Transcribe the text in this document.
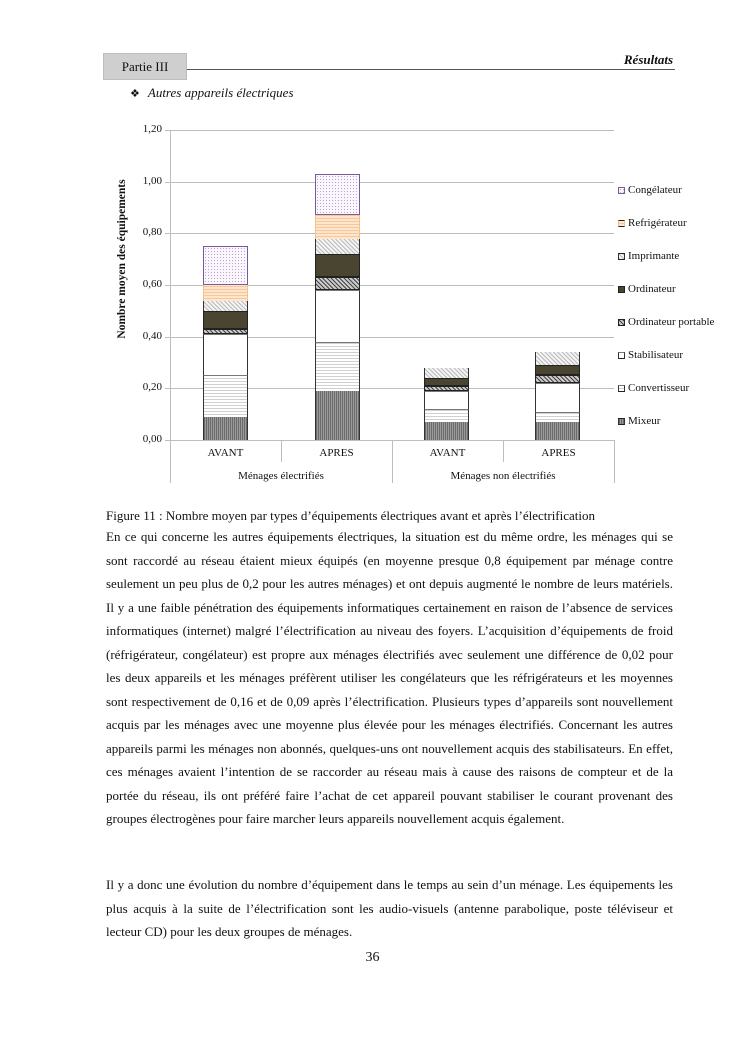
Partie III	Résultats
❖ Autres appareils électriques
Nombre moyen des équipements
0,00
0,20
0,40
0,60
0,80
1,00
1,20
AVANT	APRES	AVANT	APRES
Ménages électrifiés	Ménages non électrifiés
Congélateur
Refrigérateur
Imprimante
Ordinateur
Ordinateur portable
Stabilisateur
Convertisseur
Mixeur
Figure 11 : Nombre moyen par types d’équipements électriques avant et après l’électrification

En ce qui concerne les autres équipements électriques, la situation est du même ordre, les ménages qui se sont raccordé au réseau étaient mieux équipés (en moyenne presque 0,8 équipement par ménage contre seulement un peu plus de 0,2 pour les autres ménages) et ont depuis augmenté le nombre de leurs matériels. Il y a une faible pénétration des équipements informatiques certainement en raison de l’absence de services informatiques (internet) malgré l’électrification au niveau des foyers. L’acquisition d’équipements de froid (réfrigérateur, congélateur) est propre aux ménages électrifiés avec seulement une différence de 0,02 pour les deux appareils et les ménages préfèrent utiliser les congélateurs que les réfrigérateurs et les moyennes sont respectivement de 0,16 et de 0,09 après l’électrification. Plusieurs types d’appareils sont nouvellement acquis par les ménages avec une moyenne plus élevée pour les ménages électrifiés. Concernant les autres appareils parmi les ménages non abonnés, quelques-uns ont nouvellement acquis des stabilisateurs. En effet, ces ménages avaient l’intention de se raccorder au réseau mais à cause des raisons de compteur et de la portée du réseau, ils ont préféré faire l’achat de cet appareil pouvant stabiliser le courant provenant des groupes électrogènes pour faire marcher leurs appareils nouvellement acquis également.

Il y a donc une évolution du nombre d’équipement dans le temps au sein d’un ménage. Les équipements les plus acquis à la suite de l’électrification sont les audio-visuels (antenne parabolique, poste téléviseur et lecteur CD) pour les deux groupes de ménages.

36
